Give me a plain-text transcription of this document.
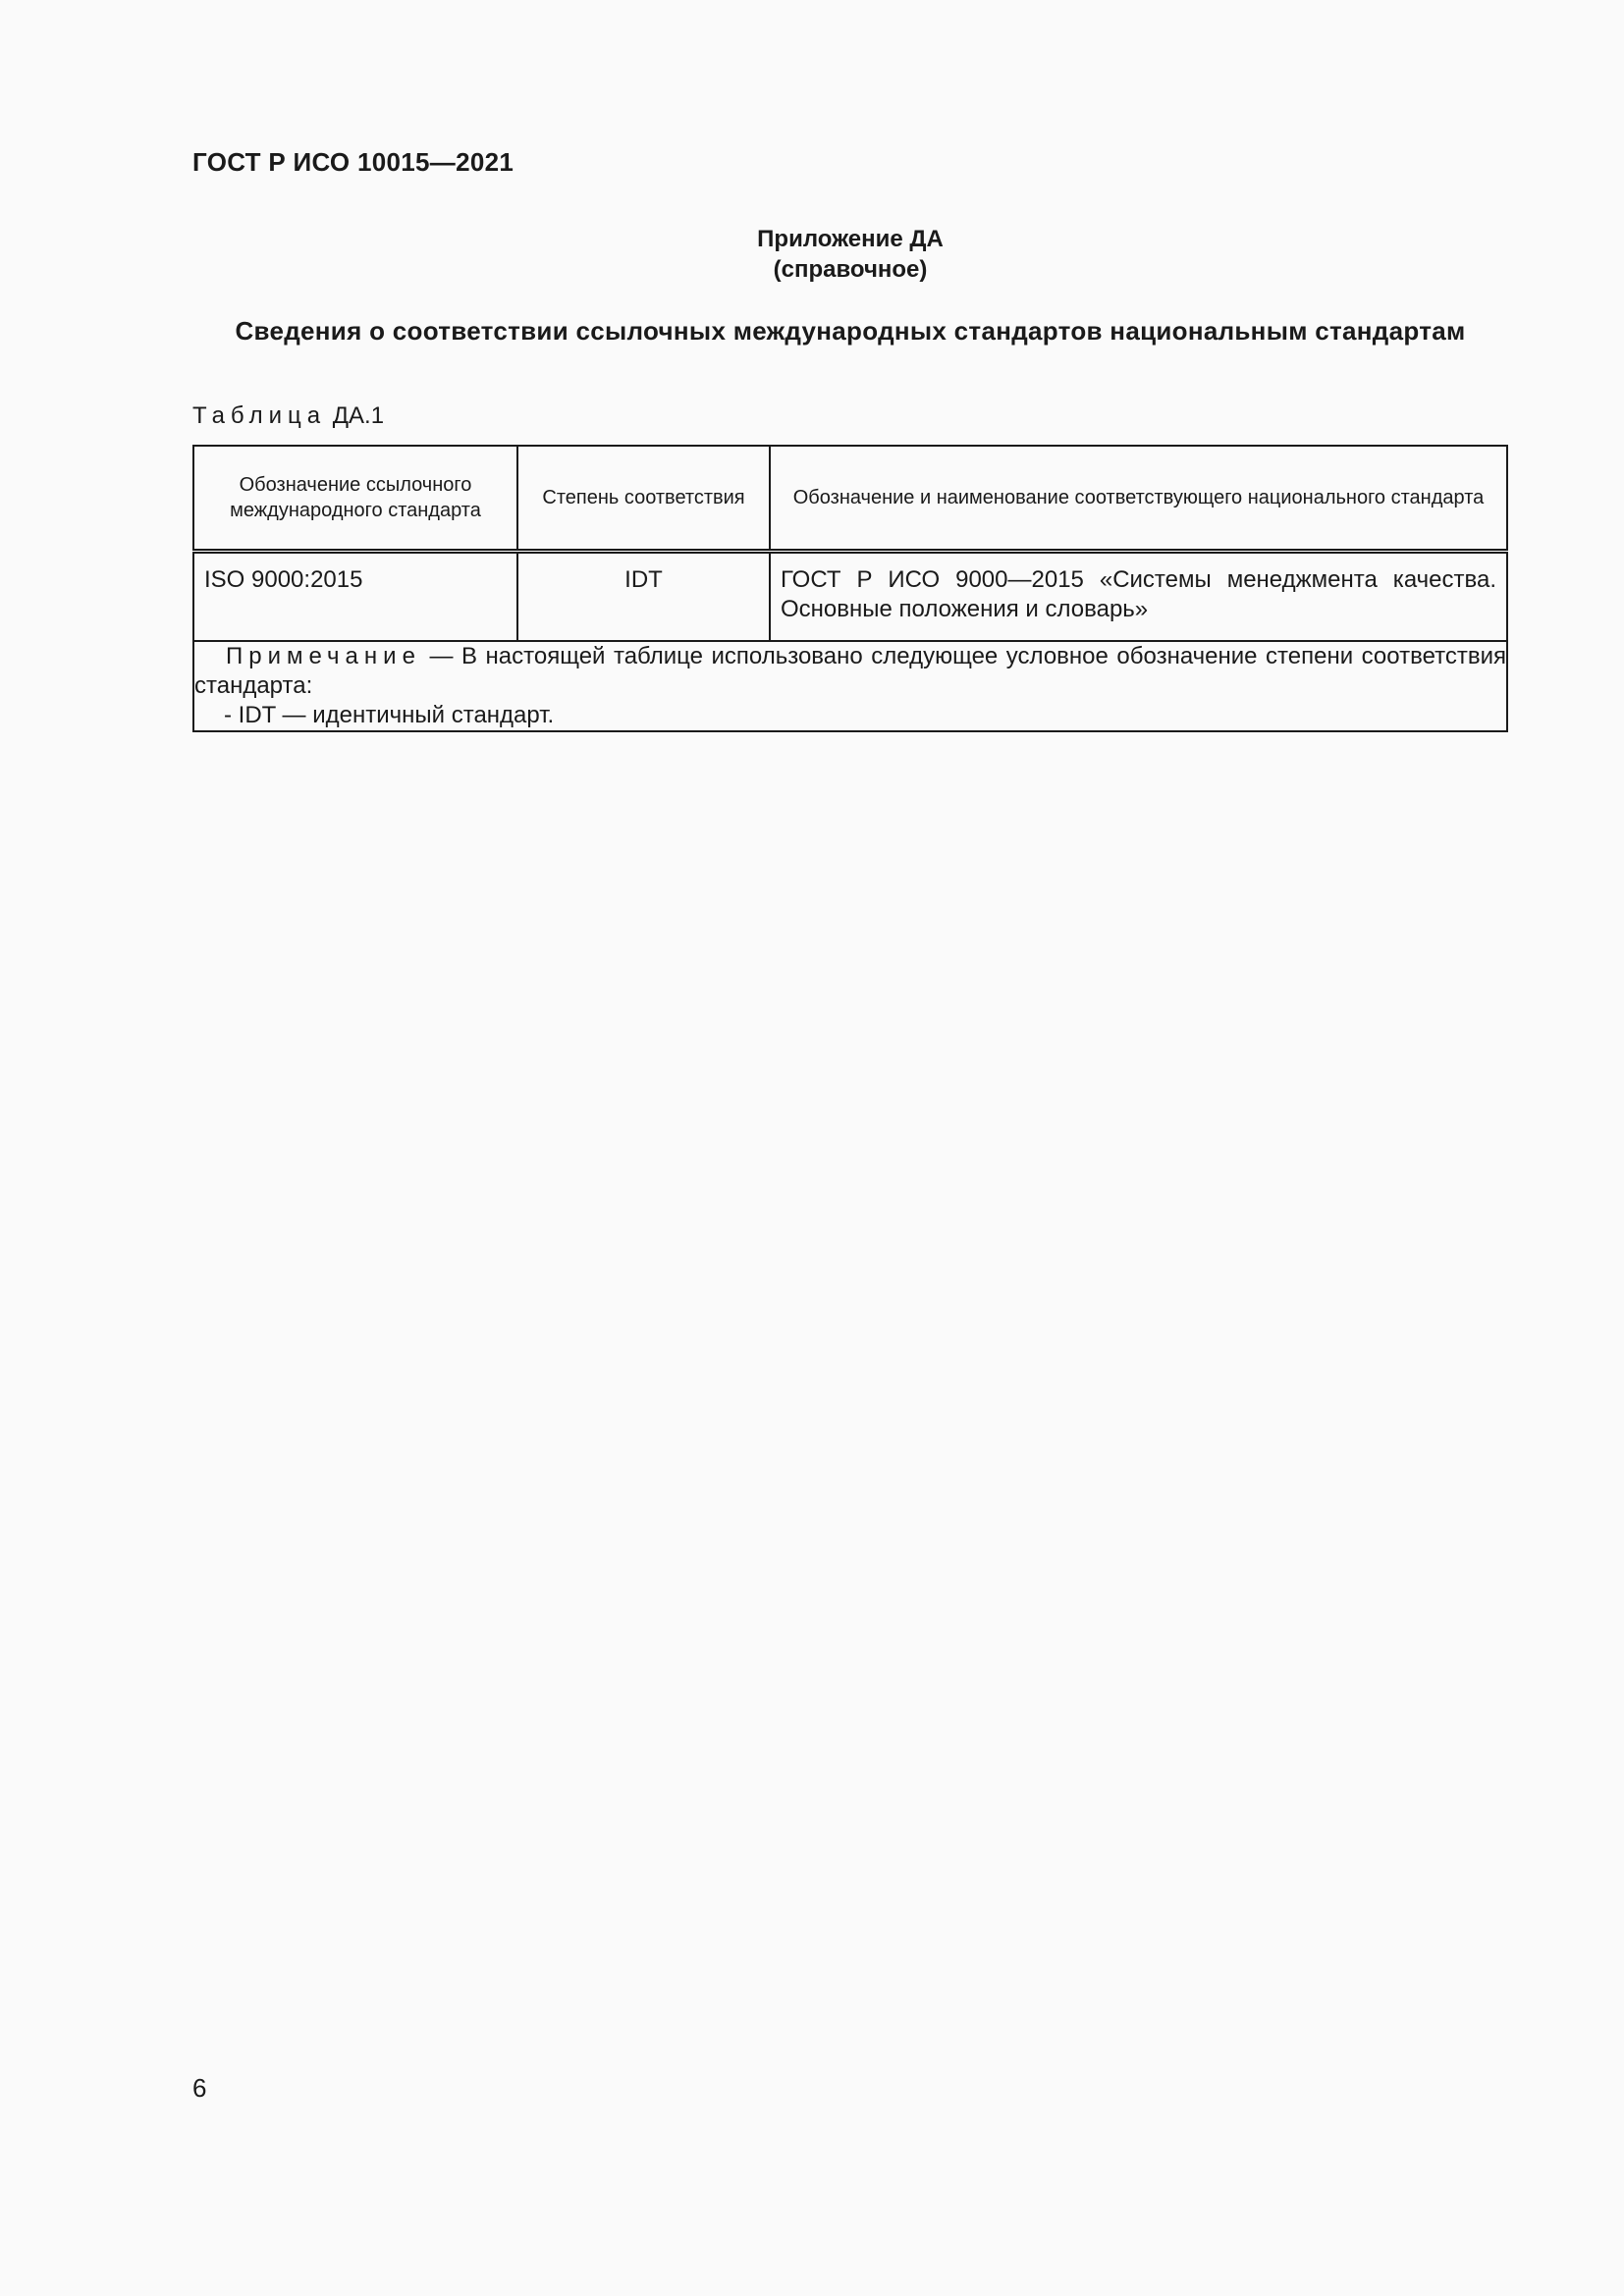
ГОСТ Р ИСО 10015—2021
Приложение ДА
(справочное)
Сведения о соответствии ссылочных международных стандартов национальным стандартам
Таблица ДА.1
Обозначение ссылочного международного стандарта	Степень соответствия	Обозначение и наименование соответствующего национального стандарта
ISO 9000:2015	IDT	ГОСТ Р ИСО 9000—2015 «Системы менеджмента качества. Основные положения и словарь»
Примечание — В настоящей таблице использовано следующее условное обозначение степени соответствия стандарта:
- IDT — идентичный стандарт.		
6
